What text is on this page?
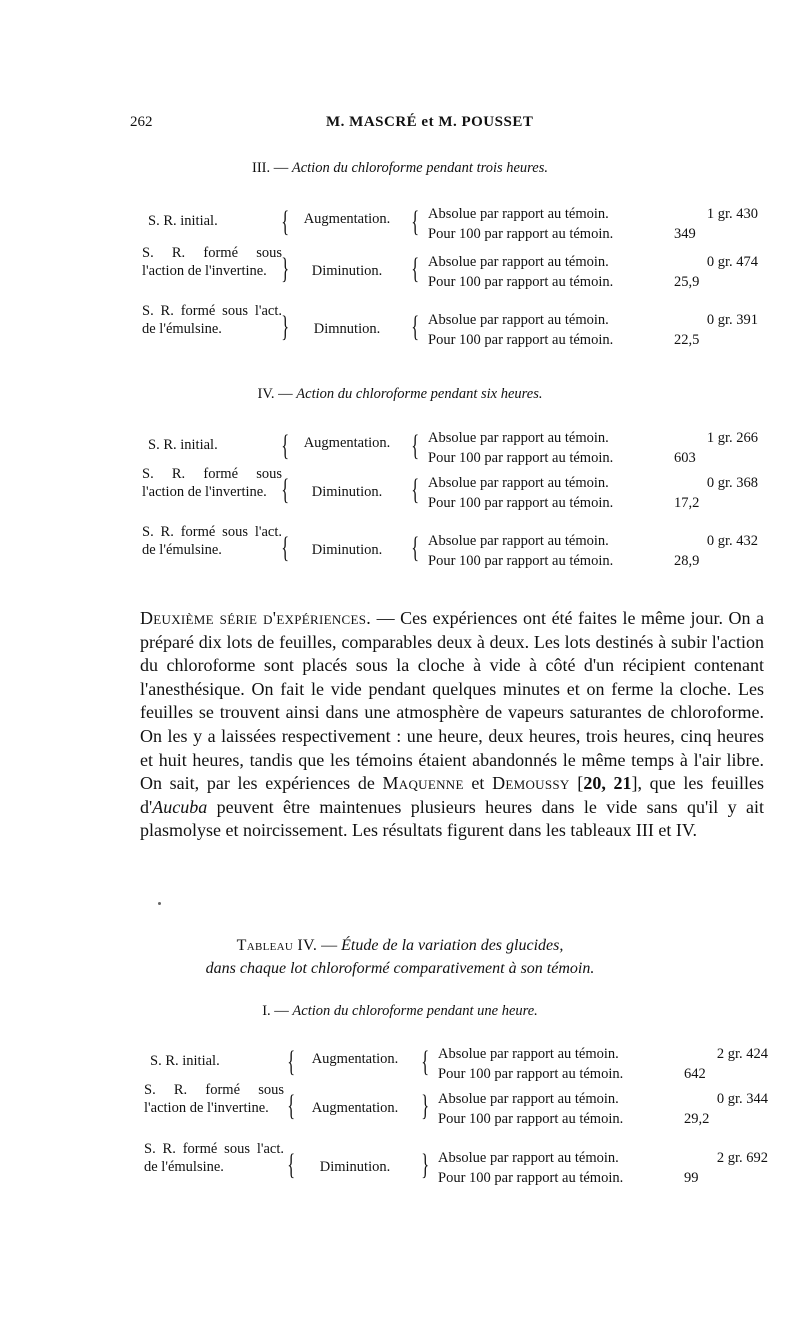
262	M. MASCRÉ et M. POUSSET
III. — Action du chloroforme pendant trois heures.
S. R. initial.	{	Augmentation. { Absolue par rapport au témoin.	1 gr. 430
Pour 100 par rapport au témoin.	349
S. R. formé sous l'action de l'invertine. }	Diminution. { Absolue par rapport au témoin.	0 gr. 474
Pour 100 par rapport au témoin.	25,9
S. R. formé sous l'act. de l'émulsine.	}	Dimnution.	{ Absolue par rapport au témoin.	0 gr. 391
Pour 100 par rapport au témoin.	22,5
IV. — Action du chloroforme pendant six heures.
S. R. initial.	{	Augmentation. { Absolue par rapport au témoin.	1 gr. 266
Pour 100 par rapport au témoin.	603
S. R. formé sous l'action de l'invertine. {	Diminution. { Absolue par rapport au témoin.	0 gr. 368
Pour 100 par rapport au témoin.	17,2
S. R. formé sous l'act. de l'émulsine.	{	Diminution. { Absolue par rapport au témoin.	0 gr. 432
Pour 100 par rapport au témoin.	28,9

Deuxième série d'expériences. — Ces expériences ont été faites le même jour. On a préparé dix lots de feuilles, comparables deux à deux. Les lots destinés à subir l'action du chloroforme sont placés sous la cloche à vide à côté d'un récipient contenant l'anesthésique. On fait le vide pendant quelques minutes et on ferme la cloche. Les feuilles se trouvent ainsi dans une atmosphère de vapeurs saturantes de chloroforme. On les y a laissées respectivement : une heure, deux heures, trois heures, cinq heures et huit heures, tandis que les témoins étaient abandonnés le même temps à l'air libre. On sait, par les expériences de Maquenne et Demoussy [20, 21], que les feuilles d'Aucuba peuvent être maintenues plusieurs heures dans le vide sans qu'il y ait plasmolyse et noircissement. Les résultats figurent dans les tableaux III et IV.

Tableau IV. — Étude de la variation des glucides,
dans chaque lot chloroformé comparativement à son témoin.
I. — Action du chloroforme pendant une heure.
S. R. initial.	{	Augmentation. { Absolue par rapport au témoin.	2 gr. 424
Pour 100 par rapport au témoin.	642
S. R. formé sous l'action de l'invertine. {	Augmentation. } Absolue par rapport au témoin.	0 gr. 344
Pour 100 par rapport au témoin.	29,2
S. R. formé sous l'act. de l'émulsine.	{	Diminution.	} Absolue par rapport au témoin.	2 gr. 692
Pour 100 par rapport au témoin.	99
